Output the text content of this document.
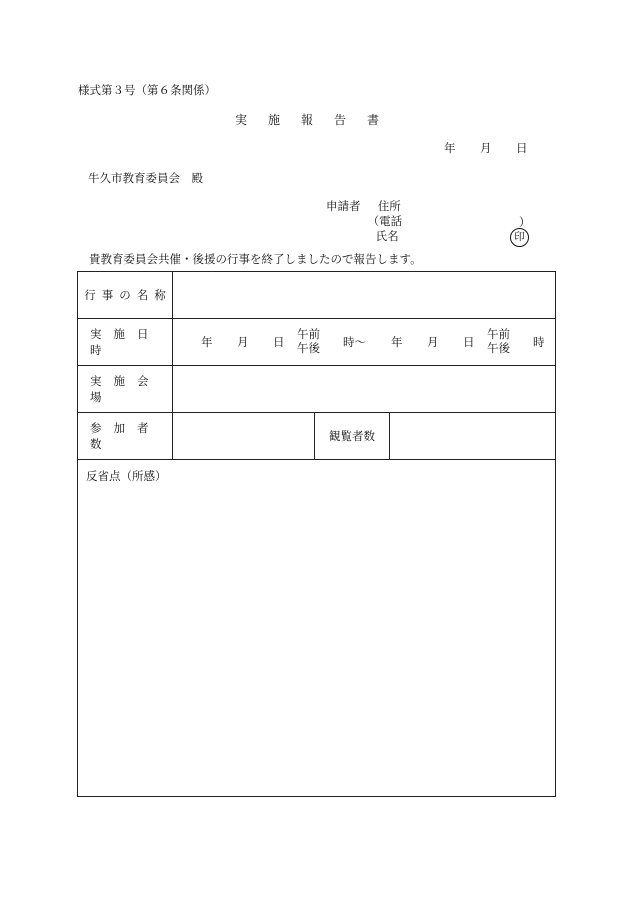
様式第３号（第６条関係）
実施報告書
年 月 日
牛久市教育委員会　殿
申請者 住所
（電話
氏名
）
印
貴教育委員会共催・後援の行事を終了しましたので報告します。
行事の名称
実施日時
年 月 日
午前
午後 時～ 年 月 日
午前
午後 時
実施会場
参加者数
観覧者数
反省点（所感）
